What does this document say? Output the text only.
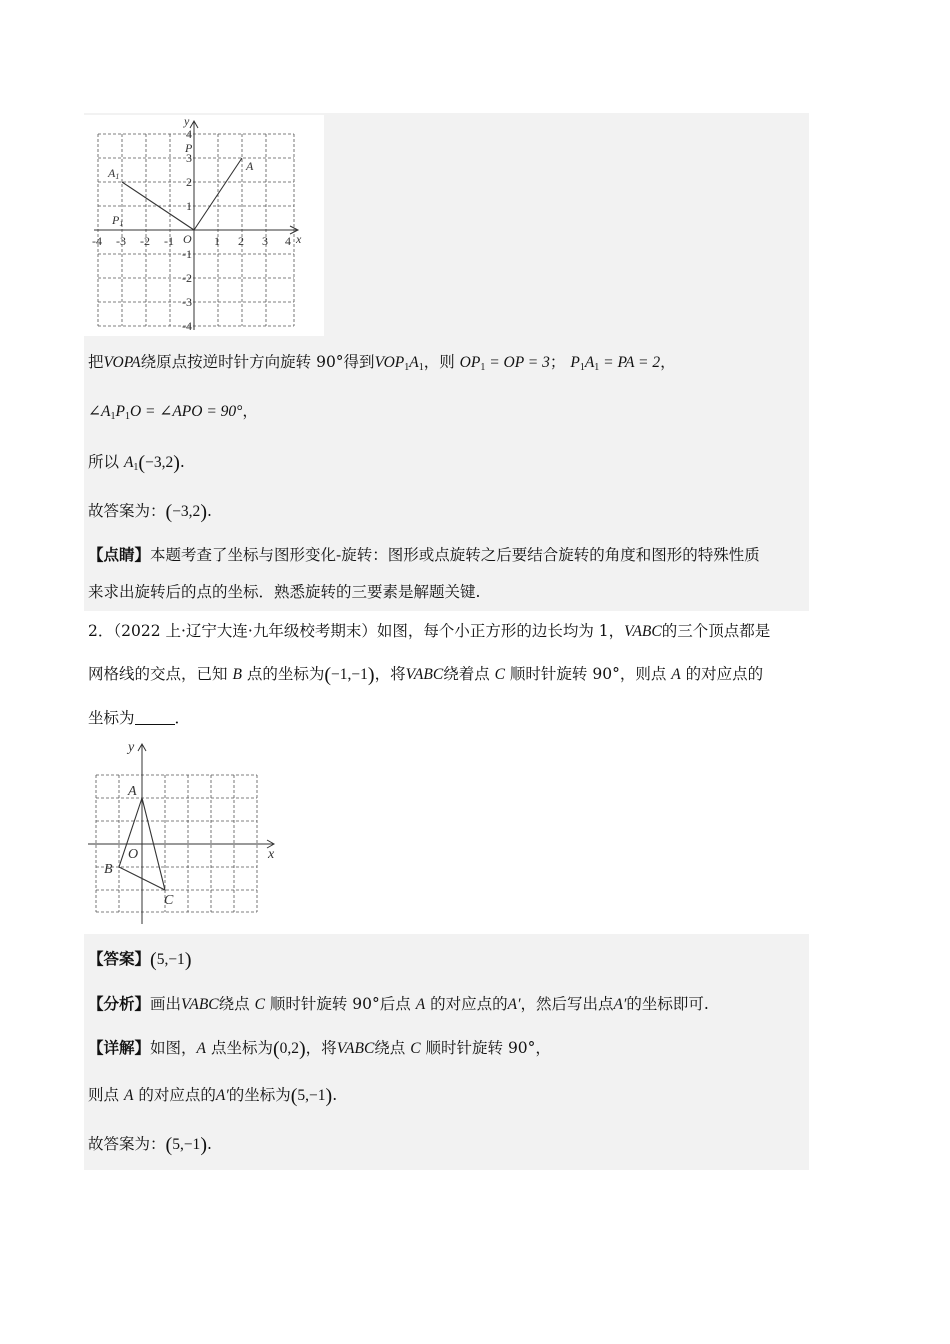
-4 -3 -2 -1	1 2 3 4
4
3
2
1
-1
-2
-3
-4
y
x
O
P
A
A1
P1
把VOPA绕原点按逆时针方向旋转 90°得到$VOP_1A_1$，则 $OP_1$ = OP = 3； $P_1A_1$ = PA = 2，
$\angle A_1P_1O$ = ∠APO = 90°，
所以 $A_1(-3,2)$.
故答案为：(−3,2).
【点睛】本题考查了坐标与图形变化-旋转：图形或点旋转之后要结合旋转的角度和图形的特殊性质
来求出旋转后的点的坐标．熟悉旋转的三要素是解题关键.
2．（2022 上·辽宁大连·九年级校考期末）如图，每个小正方形的边长均为 1，VABC的三个顶点都是
网格线的交点，已知 B 点的坐标为(−1,−1)，将VABC绕着点 C 顺时针旋转 90°，则点 A 的对应点的
坐标为	．
y
x
O
A
B
C
【答案】(5,−1)
【分析】画出VABC绕点 C 顺时针旋转 90°后点 A 的对应点的A′，然后写出点A′的坐标即可.
【详解】如图，A 点坐标为(0,2)，将VABC绕点 C 顺时针旋转 90°，
则点 A 的对应点的A′的坐标为(5,−1).
故答案为：(5,−1).
